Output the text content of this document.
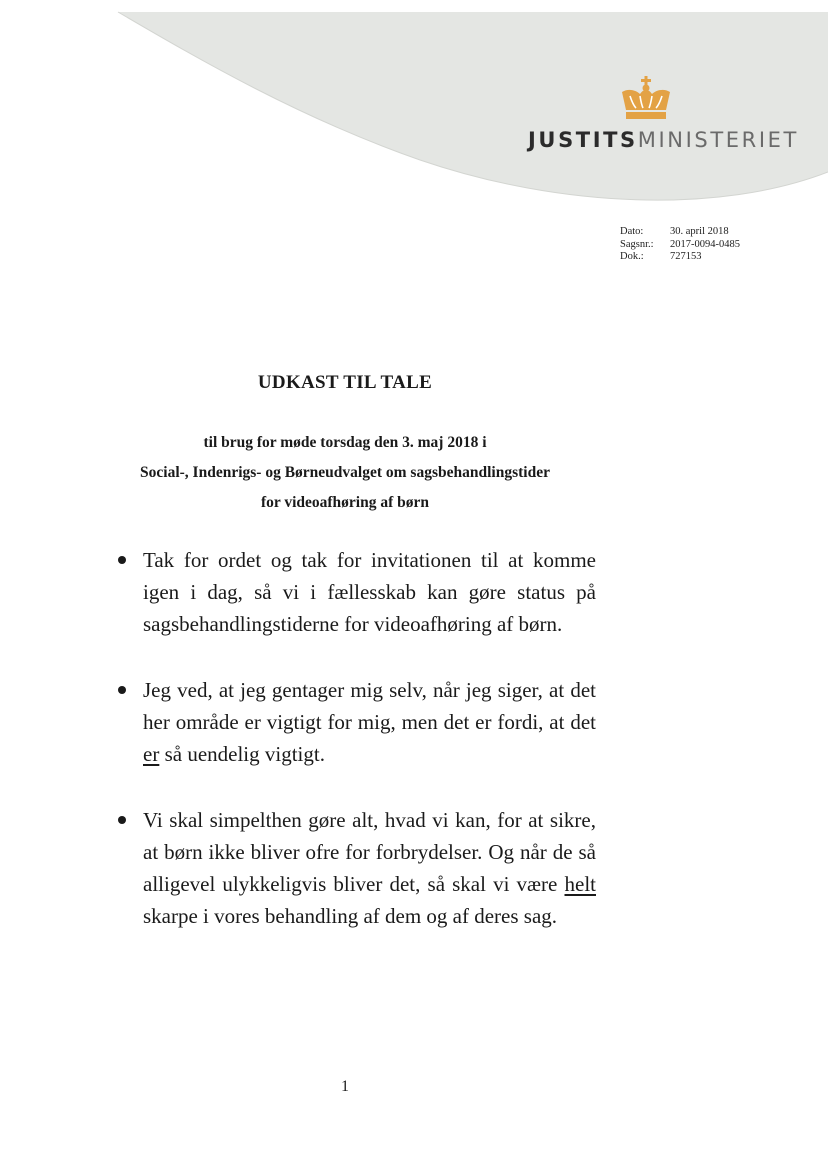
JUSTITSMINISTERIET
Dato:	30. april 2018
Sagsnr.:	2017-0094-0485
Dok.:	727153
UDKAST TIL TALE
til brug for møde torsdag den 3. maj 2018 i
Social-, Indenrigs- og Børneudvalget om sagsbehandlingstider
for videoafhøring af børn
Tak for ordet og tak for invitationen til at komme igen i dag, så vi i fællesskab kan gøre status på sagsbehandlingstiderne for videoafhøring af børn.
Jeg ved, at jeg gentager mig selv, når jeg siger, at det her område er vigtigt for mig, men det er fordi, at det er så uendelig vigtigt.
Vi skal simpelthen gøre alt, hvad vi kan, for at sikre, at børn ikke bliver ofre for forbrydelser. Og når de så alligevel ulykkeligvis bliver det, så skal vi være helt skarpe i vores behandling af dem og af deres sag.
1
